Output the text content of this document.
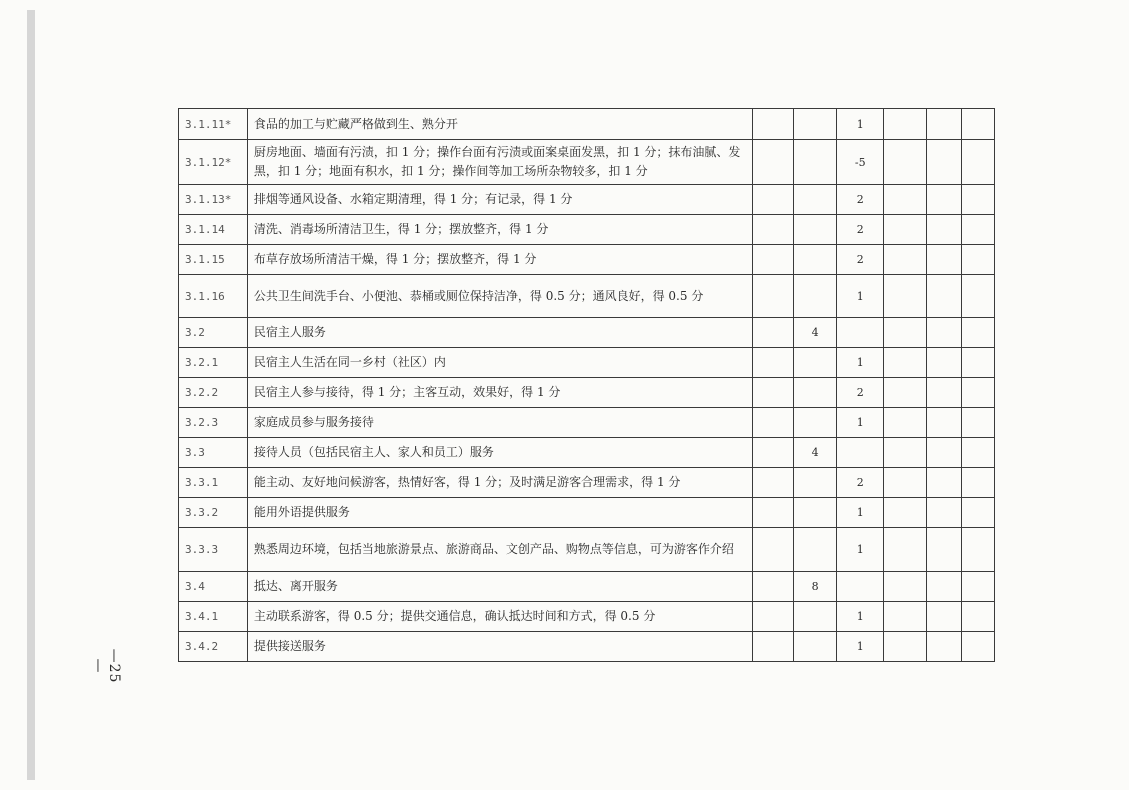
3.1.11*	食品的加工与贮藏严格做到生、熟分开			1			
3.1.12*	厨房地面、墙面有污渍，扣 1 分；操作台面有污渍或面案桌面发黑，扣 1 分；抹布油腻、发黑，扣 1 分；地面有积水，扣 1 分；操作间等加工场所杂物较多，扣 1 分			-5			
3.1.13*	排烟等通风设备、水箱定期清理，得 1 分；有记录，得 1 分			2			
3.1.14	清洗、消毒场所清洁卫生，得 1 分；摆放整齐，得 1 分			2			
3.1.15	布草存放场所清洁干燥，得 1 分；摆放整齐，得 1 分			2			
3.1.16	公共卫生间洗手台、小便池、恭桶或厕位保持洁净，得 0.5 分；通风良好，得 0.5 分			1			
3.2	民宿主人服务		4				
3.2.1	民宿主人生活在同一乡村（社区）内			1			
3.2.2	民宿主人参与接待，得 1 分；主客互动，效果好，得 1 分			2			
3.2.3	家庭成员参与服务接待			1			
3.3	接待人员（包括民宿主人、家人和员工）服务		4				
3.3.1	能主动、友好地问候游客，热情好客，得 1 分；及时满足游客合理需求，得 1 分			2			
3.3.2	能用外语提供服务			1			
3.3.3	熟悉周边环境，包括当地旅游景点、旅游商品、文创产品、购物点等信息，可为游客作介绍			1			
3.4	抵达、离开服务		8				
3.4.1	主动联系游客，得 0.5 分；提供交通信息，确认抵达时间和方式，得 0.5 分			1			
3.4.2	提供接送服务			1			
—25—
